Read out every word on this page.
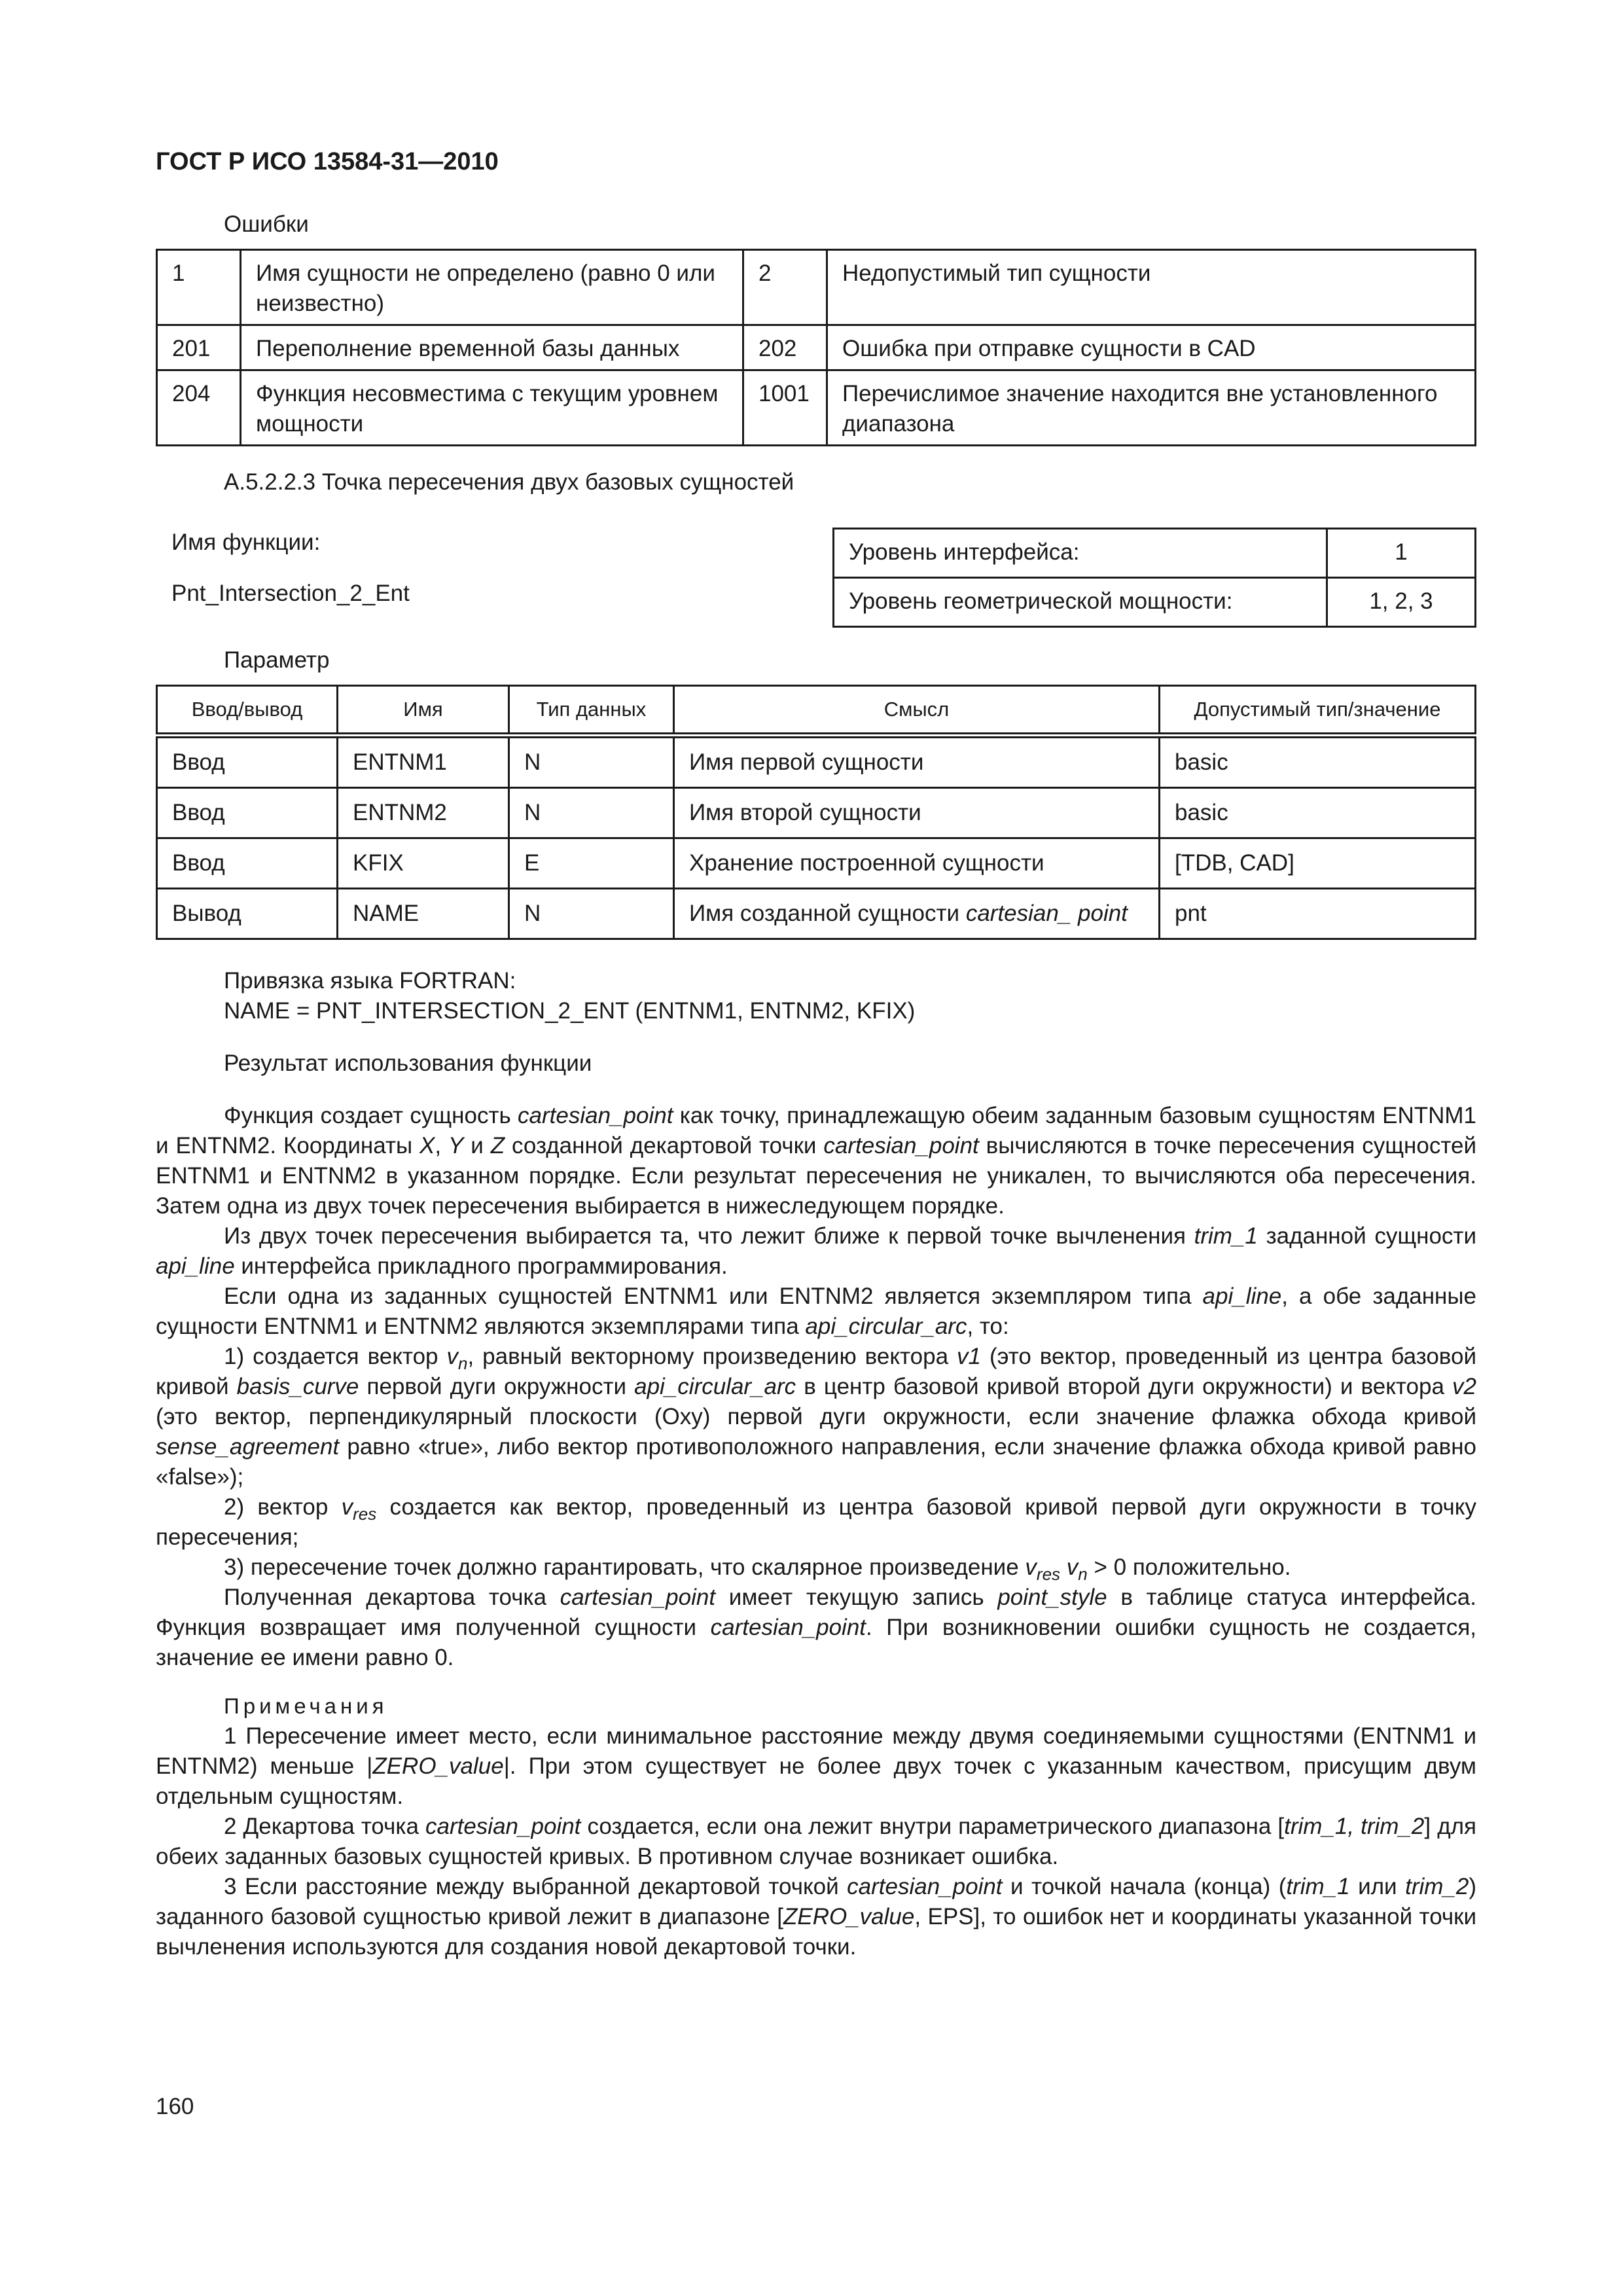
ГОСТ Р ИСО 13584-31—2010
Ошибки
1	Имя сущности не определено (равно 0 или неизвестно)	2	Недопустимый тип сущности
201	Переполнение временной базы данных	202	Ошибка при отправке сущности в CAD
204	Функция несовместима с текущим уровнем мощности	1001	Перечислимое значение находится вне установленного диапазона
А.5.2.2.3 Точка пересечения двух базовых сущностей
Имя функции:
Pnt_Intersection_2_Ent
Уровень интерфейса:	1
Уровень геометрической мощности:	1, 2, 3
Параметр
Ввод/вывод	Имя	Тип данных	Смысл	Допустимый тип/значение
Ввод	ENTNM1	N	Имя первой сущности	basic
Ввод	ENTNM2	N	Имя второй сущности	basic
Ввод	KFIX	E	Хранение построенной сущности	[TDB, CAD]
Вывод	NAME	N	Имя созданной сущности cartesian_ point	pnt
Привязка языка FORTRAN:
NAME = PNT_INTERSECTION_2_ENT (ENTNM1, ENTNM2, KFIX)
Результат использования функции

Функция создает сущность cartesian_point как точку, принадлежащую обеим заданным базовым сущностям ENTNM1 и ENTNM2. Координаты X, Y и Z созданной декартовой точки cartesian_point вычисляются в точке пересечения сущностей ENTNM1 и ENTNM2 в указанном порядке. Если результат пересечения не уникален, то вычисляются оба пересечения. Затем одна из двух точек пересечения выбирается в нижеследующем порядке.

Из двух точек пересечения выбирается та, что лежит ближе к первой точке вычленения trim_1 заданной сущности api_line интерфейса прикладного программирования.

Если одна из заданных сущностей ENTNM1 или ENTNM2 является экземпляром типа api_line, а обе заданные сущности ENTNM1 и ENTNM2 являются экземплярами типа api_circular_arc, то:

1) создается вектор $v_n$, равный векторному произведению вектора v1 (это вектор, проведенный из центра базовой кривой basis_curve первой дуги окружности api_circular_arc в центр базовой кривой второй дуги окружности) и вектора v2 (это вектор, перпендикулярный плоскости (Oxy) первой дуги окружности, если значение флажка обхода кривой sense_agreement равно «true», либо вектор противоположного направления, если значение флажка обхода кривой равно «false»);

2) вектор $v_{res}$ создается как вектор, проведенный из центра базовой кривой первой дуги окружности в точку пересечения;

3) пересечение точек должно гарантировать, что скалярное произведение $v_{res}$ $v_n > 0$ положительно.

Полученная декартова точка cartesian_point имеет текущую запись point_style в таблице статуса интерфейса. Функция возвращает имя полученной сущности cartesian_point. При возникновении ошибки сущность не создается, значение ее имени равно 0.

Примечания

1 Пересечение имеет место, если минимальное расстояние между двумя соединяемыми сущностями (ENTNM1 и ENTNM2) меньше |ZERO_value|. При этом существует не более двух точек с указанным качеством, присущим двум отдельным сущностям.

2 Декартова точка cartesian_point создается, если она лежит внутри параметрического диапазона [trim_1, trim_2] для обеих заданных базовых сущностей кривых. В противном случае возникает ошибка.

3 Если расстояние между выбранной декартовой точкой cartesian_point и точкой начала (конца) (trim_1 или trim_2) заданного базовой сущностью кривой лежит в диапазоне [ZERO_value, EPS], то ошибок нет и координаты указанной точки вычленения используются для создания новой декартовой точки.

160
